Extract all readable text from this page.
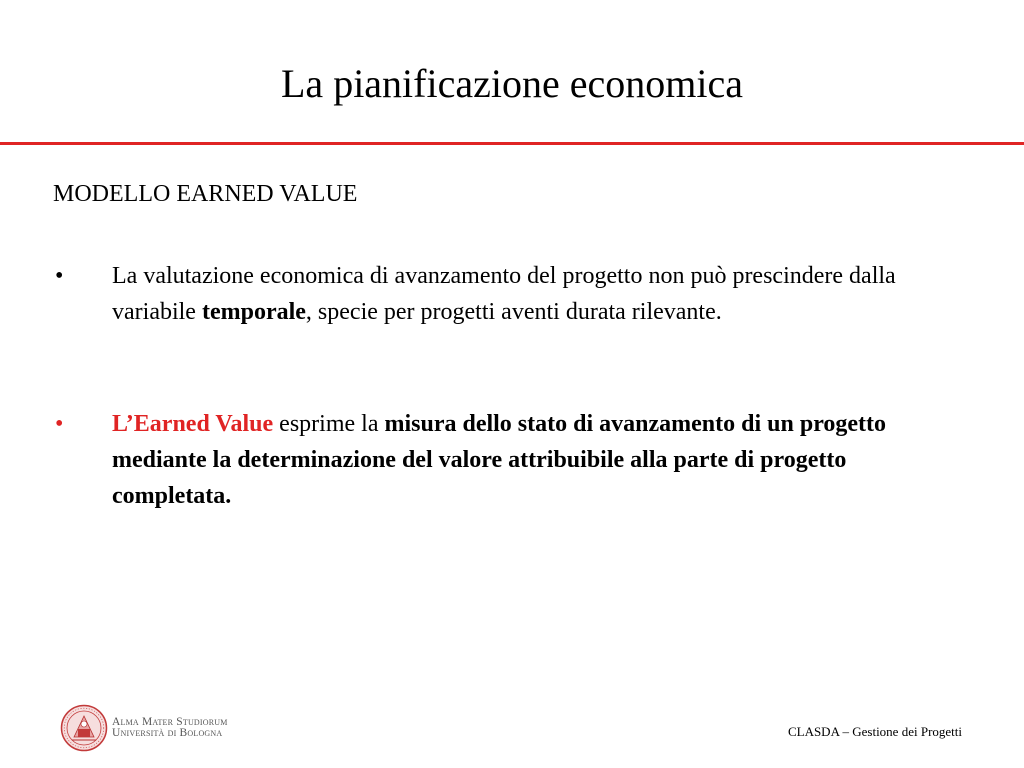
La pianificazione economica
MODELLO EARNED VALUE
•	La valutazione economica di avanzamento del progetto non può prescindere dalla variabile temporale, specie per progetti aventi durata rilevante.
•	L’Earned Value esprime la misura dello stato di avanzamento di un progetto mediante la determinazione del valore attribuibile alla parte di progetto completata.
Alma Mater Studiorum
Università di Bologna	CLASDA – Gestione dei Progetti
